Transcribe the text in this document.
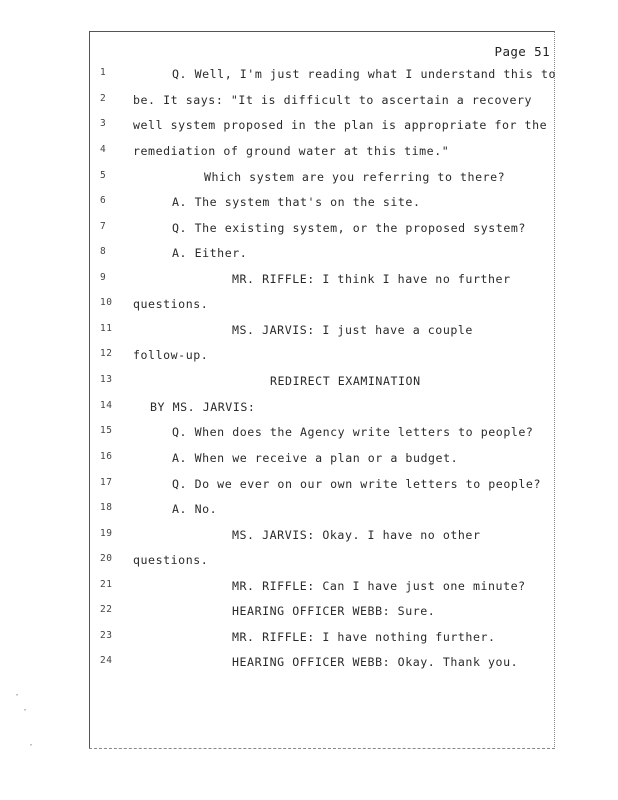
Page 51
1	Q. Well, I'm just reading what I understand this to
2	be. It says: "It is difficult to ascertain a recovery
3	well system proposed in the plan is appropriate for the
4	remediation of ground water at this time."
5	Which system are you referring to there?
6	A. The system that's on the site.
7	Q. The existing system, or the proposed system?
8	A. Either.
9	MR. RIFFLE: I think I have no further
10	questions.
11	MS. JARVIS: I just have a couple
12	follow-up.
13	REDIRECT EXAMINATION
14	BY MS. JARVIS:
15	Q. When does the Agency write letters to people?
16	A. When we receive a plan or a budget.
17	Q. Do we ever on our own write letters to people?
18	A. No.
19	MS. JARVIS: Okay. I have no other
20	questions.
21	MR. RIFFLE: Can I have just one minute?
22	HEARING OFFICER WEBB: Sure.
23	MR. RIFFLE: I have nothing further.
24	HEARING OFFICER WEBB: Okay. Thank you.
·
·
·
